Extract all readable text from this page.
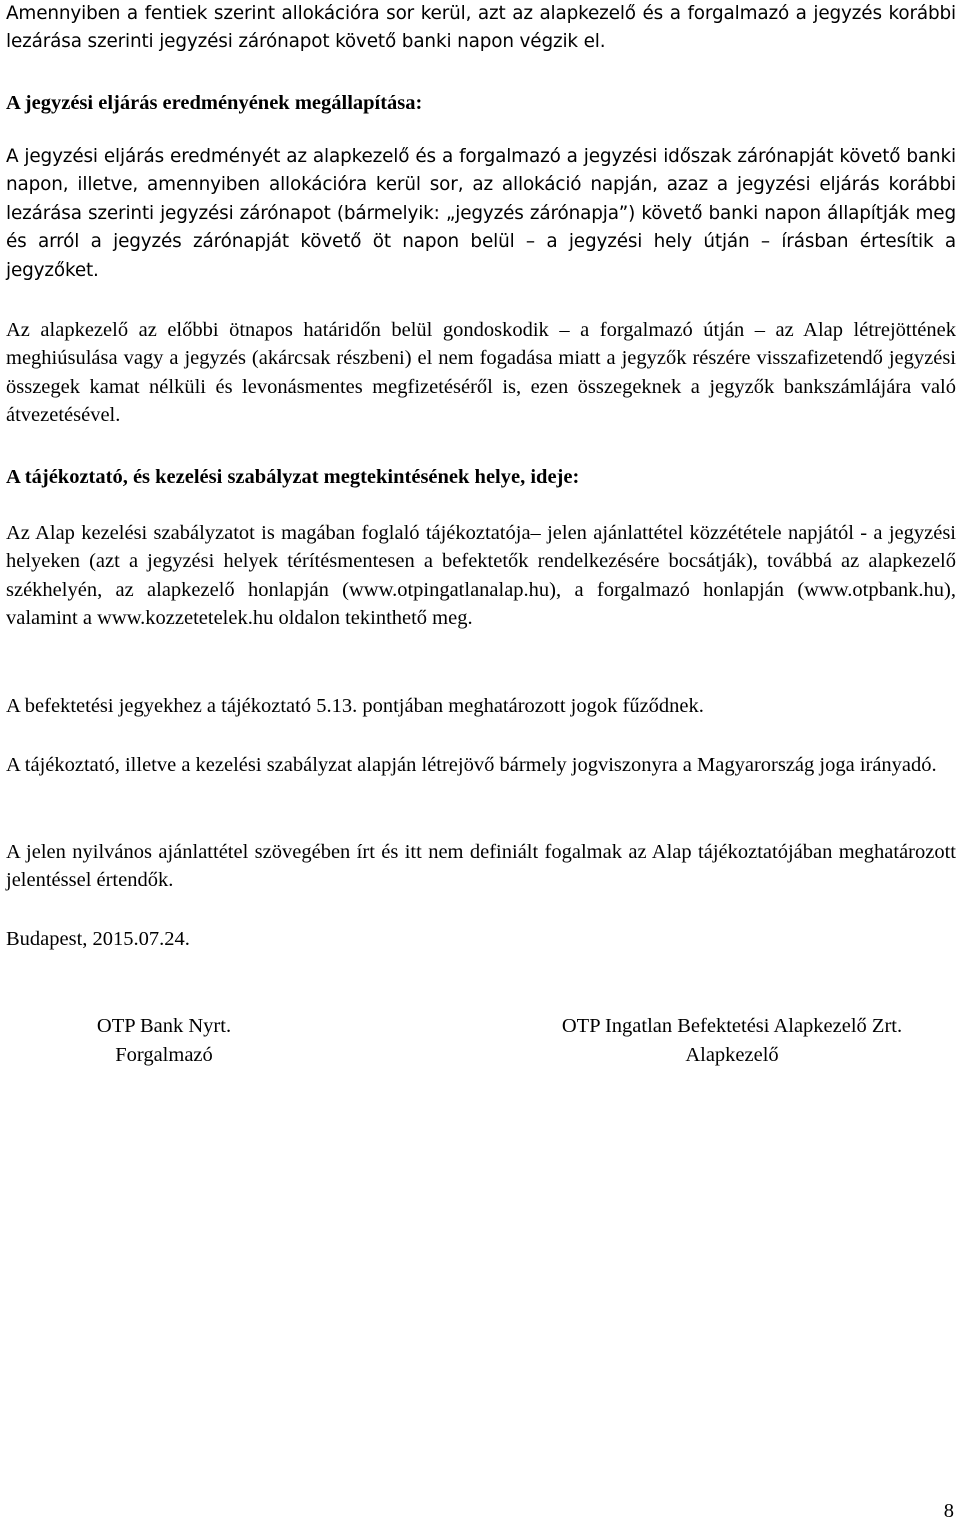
Amennyiben a fentiek szerint allokációra sor kerül, azt az alapkezelő és a forgalmazó a jegyzés korábbi lezárása szerinti jegyzési zárónapot követő banki napon végzik el.

A jegyzési eljárás eredményének megállapítása:

A jegyzési eljárás eredményét az alapkezelő és a forgalmazó a jegyzési időszak zárónapját követő banki napon, illetve, amennyiben allokációra kerül sor, az allokáció napján, azaz a jegyzési eljárás korábbi lezárása szerinti jegyzési zárónapot (bármelyik: „jegyzés zárónapja”) követő banki napon állapítják meg és arról a jegyzés zárónapját követő öt napon belül – a jegyzési hely útján – írásban értesítik a jegyzőket.

Az alapkezelő az előbbi ötnapos határidőn belül gondoskodik – a forgalmazó útján – az Alap létrejöttének meghiúsulása vagy a jegyzés (akárcsak részbeni) el nem fogadása miatt a jegyzők részére visszafizetendő jegyzési összegek kamat nélküli és levonásmentes megfizetéséről is, ezen összegeknek a jegyzők bankszámlájára való átvezetésével.

A tájékoztató, és kezelési szabályzat megtekintésének helye, ideje:

Az Alap kezelési szabályzatot is magában foglaló tájékoztatója– jelen ajánlattétel közzététele napjától - a jegyzési helyeken (azt a jegyzési helyek térítésmentesen a befektetők rendelkezésére bocsátják), továbbá az alapkezelő székhelyén, az alapkezelő honlapján (www.otpingatlanalap.hu), a forgalmazó honlapján (www.otpbank.hu), valamint a www.kozzetetelek.hu oldalon tekinthető meg.

A befektetési jegyekhez a tájékoztató 5.13. pontjában meghatározott jogok fűződnek.

A tájékoztató, illetve a kezelési szabályzat alapján létrejövő bármely jogviszonyra a Magyarország joga irányadó.

A jelen nyilvános ajánlattétel szövegében írt és itt nem definiált fogalmak az Alap tájékoztatójában meghatározott jelentéssel értendők.

Budapest, 2015.07.24.

OTP Bank Nyrt.
Forgalmazó
OTP Ingatlan Befektetési Alapkezelő Zrt.
Alapkezelő
8
